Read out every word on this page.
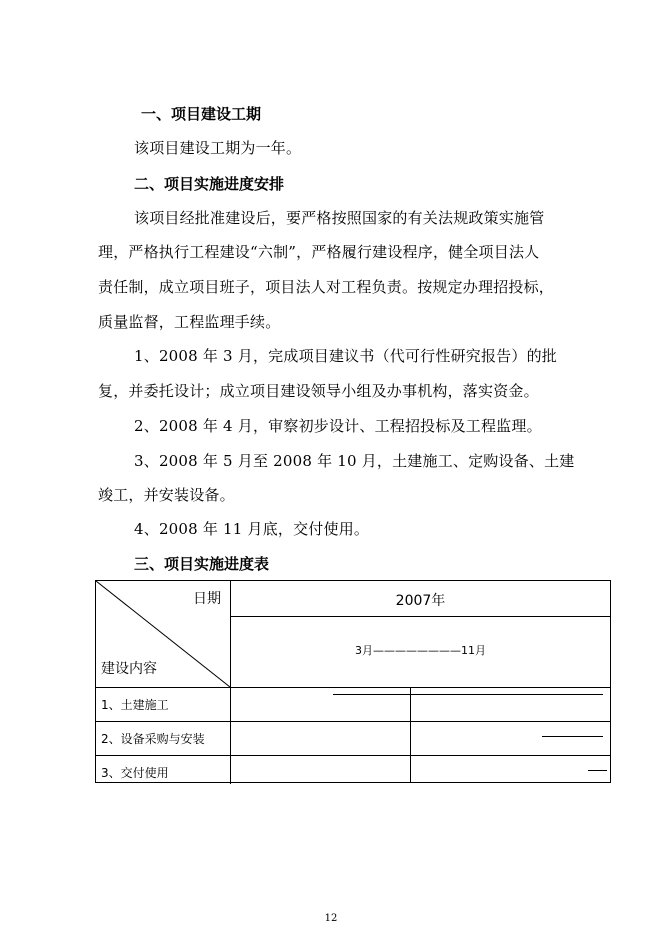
一、项目建设工期
该项目建设工期为一年。
二、项目实施进度安排
该项目经批准建设后，要严格按照国家的有关法规政策实施管
理，严格执行工程建设“六制”，严格履行建设程序，健全项目法人
责任制，成立项目班子，项目法人对工程负责。按规定办理招投标，
质量监督，工程监理手续。
1、2008 年 3 月，完成项目建议书（代可行性研究报告）的批
复，并委托设计；成立项目建设领导小组及办事机构，落实资金。
2、2008 年 4 月，审察初步设计、工程招投标及工程监理。
3、2008 年 5 月至 2008 年 10 月，土建施工、定购设备、土建
竣工，并安装设备。
4、2008 年 11 月底，交付使用。
三、项目实施进度表
日期
建设内容
2007年
3月————————11月
1、土建施工
2、设备采购与安装
3、交付使用
12
